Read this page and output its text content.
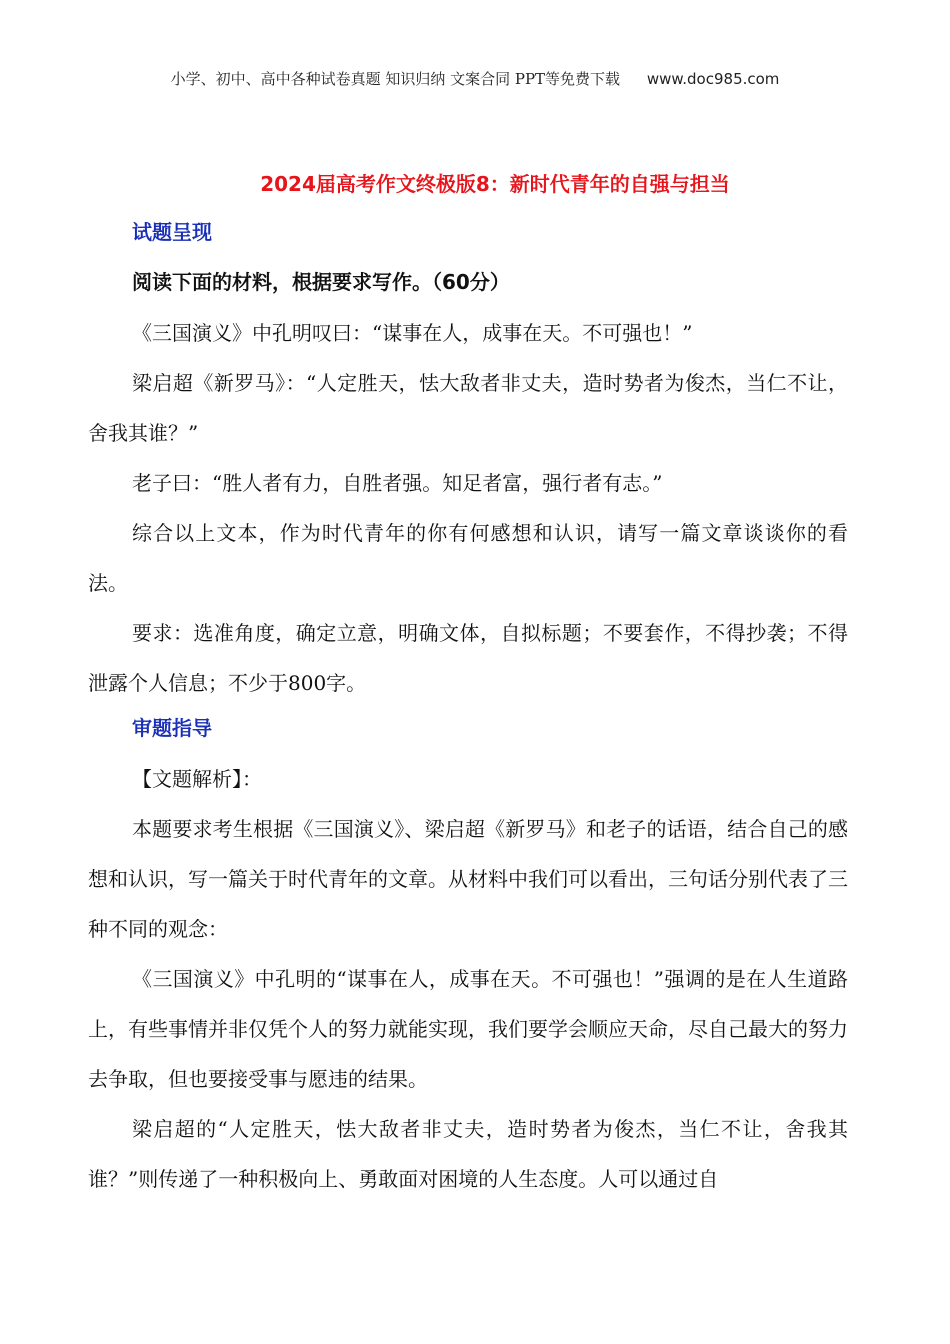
小学、初中、高中各种试卷真题 知识归纳 文案合同 PPT等免费下载 www.doc985.com
2024届高考作文终极版8：新时代青年的自强与担当
试题呈现
阅读下面的材料，根据要求写作。（60分）

《三国演义》中孔明叹曰：“谋事在人，成事在天。不可强也！”

梁启超《新罗马》：“人定胜天，怯大敌者非丈夫，造时势者为俊杰，当仁不让，舍我其谁？”

老子曰：“胜人者有力，自胜者强。知足者富，强行者有志。”

综合以上文本，作为时代青年的你有何感想和认识，请写一篇文章谈谈你的看法。

要求：选准角度，确定立意，明确文体，自拟标题；不要套作，不得抄袭；不得泄露个人信息；不少于800字。

审题指导

【文题解析】：

本题要求考生根据《三国演义》、梁启超《新罗马》和老子的话语，结合自己的感想和认识，写一篇关于时代青年的文章。从材料中我们可以看出，三句话分别代表了三种不同的观念：

《三国演义》中孔明的“谋事在人，成事在天。不可强也！”强调的是在人生道路上，有些事情并非仅凭个人的努力就能实现，我们要学会顺应天命，尽自己最大的努力去争取，但也要接受事与愿违的结果。

梁启超的“人定胜天，怯大敌者非丈夫，造时势者为俊杰，当仁不让，舍我其谁？”则传递了一种积极向上、勇敢面对困境的人生态度。人可以通过自
